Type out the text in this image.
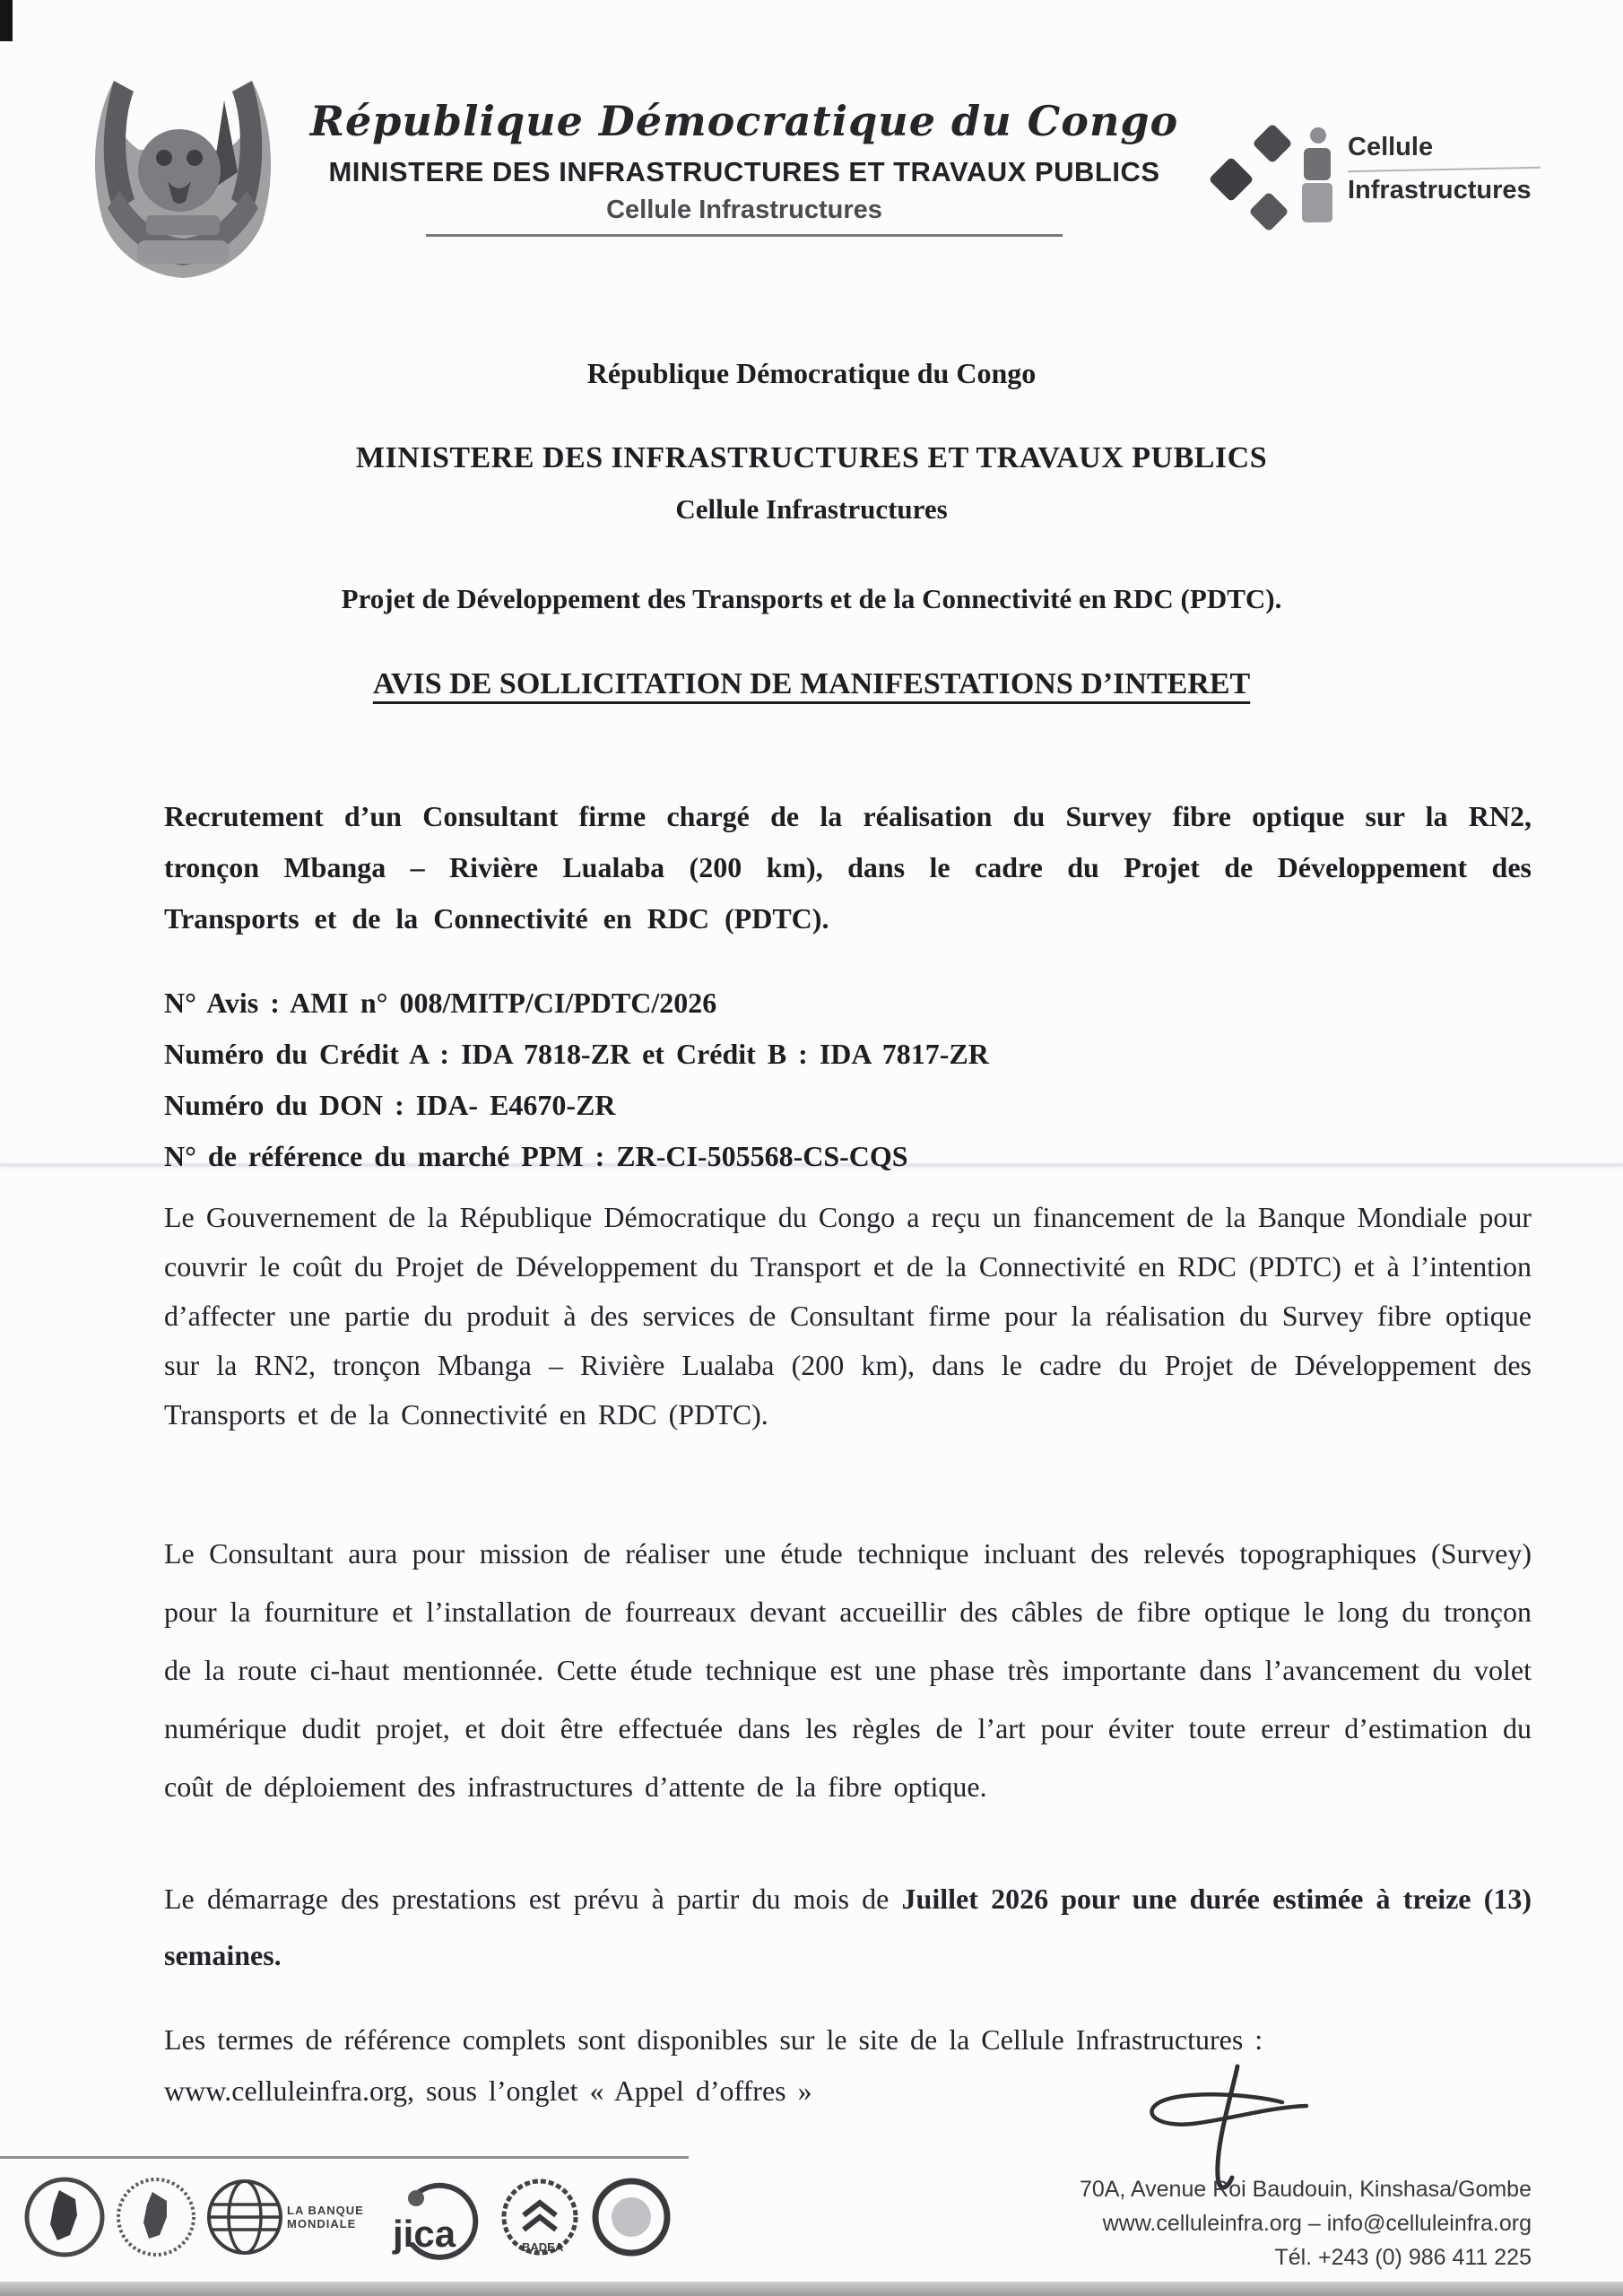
République Démocratique du Congo
MINISTERE DES INFRASTRUCTURES ET TRAVAUX PUBLICS
Cellule Infrastructures
Cellule
Infrastructures
République Démocratique du Congo
MINISTERE DES INFRASTRUCTURES ET TRAVAUX PUBLICS
Cellule Infrastructures
Projet de Développement des Transports et de la Connectivité en RDC (PDTC).
AVIS DE SOLLICITATION DE MANIFESTATIONS D’INTERET
Recrutement d’un Consultant firme chargé de la réalisation du Survey fibre optique sur la RN2, tronçon Mbanga – Rivière Lualaba (200 km), dans le cadre du Projet de Développement des Transports et de la Connectivité en RDC (PDTC).
N° Avis : AMI n° 008/MITP/CI/PDTC/2026
Numéro du Crédit A : IDA 7818-ZR et Crédit B : IDA 7817-ZR
Numéro du DON : IDA- E4670-ZR
N° de référence du marché PPM : ZR-CI-505568-CS-CQS
Le Gouvernement de la République Démocratique du Congo a reçu un financement de la Banque Mondiale pour couvrir le coût du Projet de Développement du Transport et de la Connectivité en RDC (PDTC) et à l’intention d’affecter une partie du produit à des services de Consultant firme pour la réalisation du Survey fibre optique sur la RN2, tronçon Mbanga – Rivière Lualaba (200 km), dans le cadre du Projet de Développement des Transports et de la Connectivité en RDC (PDTC).
Le Consultant aura pour mission de réaliser une étude technique incluant des relevés topographiques (Survey) pour la fourniture et l’installation de fourreaux devant accueillir des câbles de fibre optique le long du tronçon de la route ci-haut mentionnée. Cette étude technique est une phase très importante dans l’avancement du volet numérique dudit projet, et doit être effectuée dans les règles de l’art pour éviter toute erreur d’estimation du coût de déploiement des infrastructures d’attente de la fibre optique.
Le démarrage des prestations est prévu à partir du mois de Juillet 2026 pour une durée estimée à treize (13) semaines.
Les termes de référence complets sont disponibles sur le site de la Cellule Infrastructures :
www.celluleinfra.org, sous l’onglet « Appel d’offres »
LA BANQUE
MONDIALE jica	BADEA
70A, Avenue Roi Baudouin, Kinshasa/Gombe
www.celluleinfra.org – info@celluleinfra.org
Tél. +243 (0) 986 411 225
